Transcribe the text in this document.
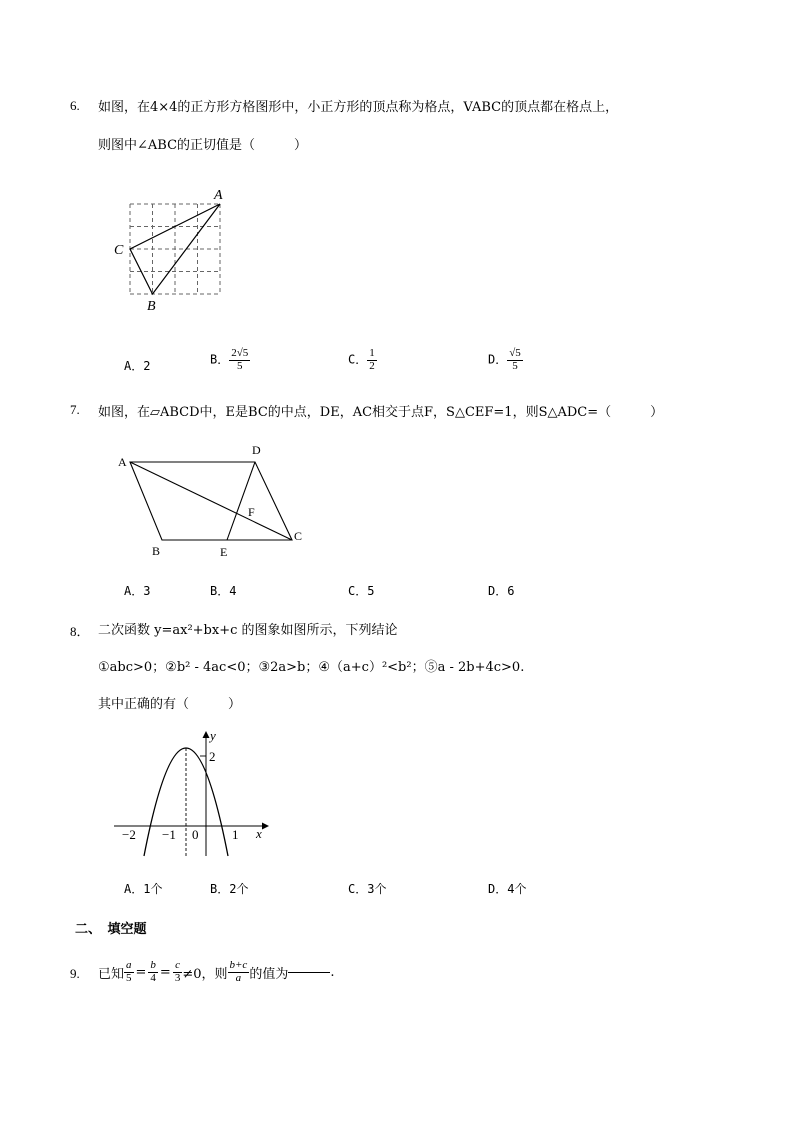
6. 如图，在4×4的正方形方格图形中，小正方形的顶点称为格点，VABC的顶点都在格点上，
则图中∠ABC的正切值是（　　　）
A
C
B
A．2	B． $\frac{2√5}{5}$	C． $\frac{1}{2}$	D． $\frac{√5}{5}$
7. 如图，在▱ABCD中，E是BC的中点，DE，AC相交于点F，S△CEF=1，则S△ADC=（　　　）
A
D
F
C
B	E
A．3	B．4	C．5	D．6
8． 二次函数 y=ax²+bx+c 的图象如图所示，下列结论
①abc>0；②b² - 4ac<0；③2a>b；④（a+c）²<b²；⑤a - 2b+4c>0.
其中正确的有（　　　）
y
x
2
−2 −1 0	1
A．1个	B．2个	C．3个	D．4个
二、　填空题
9. 已知 $\frac{a}{5} = \frac{b}{4} = \frac{c}{3} \ne 0$，则 $\frac{b+c}{a}$ 的值为	.
